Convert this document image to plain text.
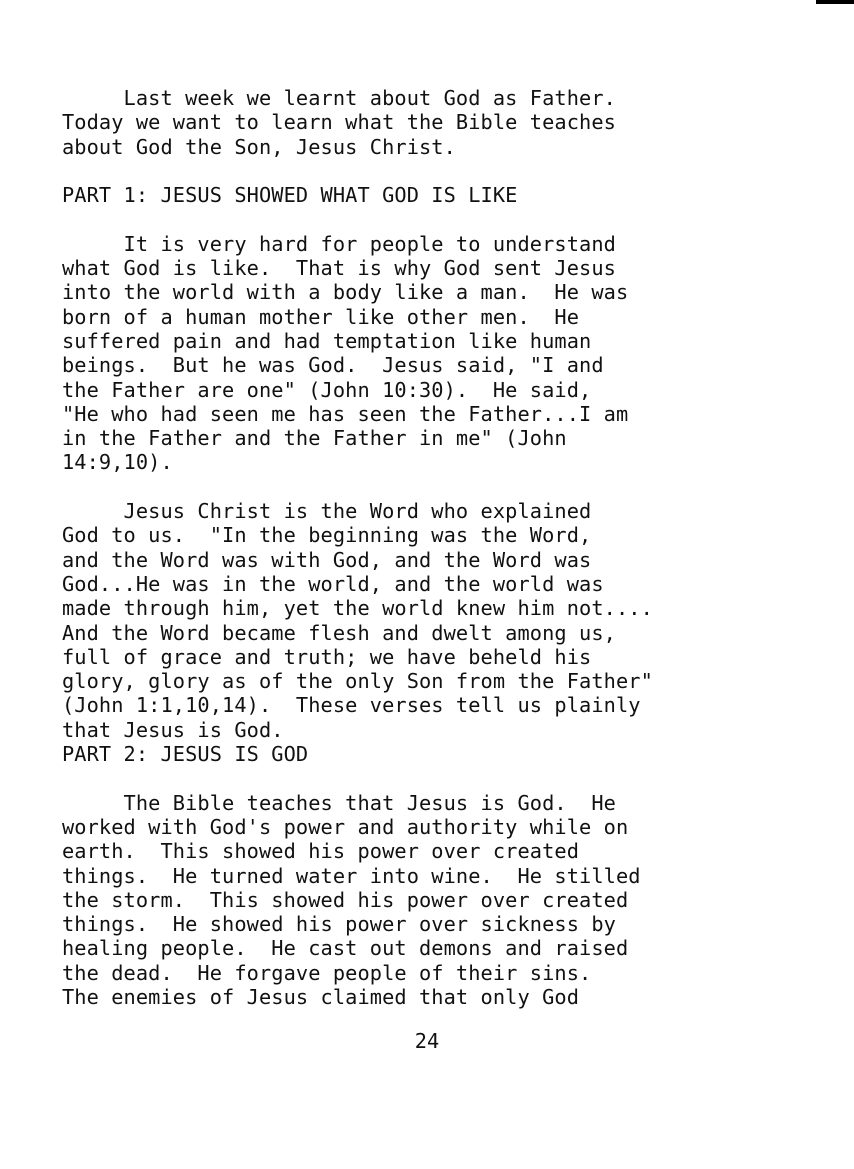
Last week we learnt about God as Father.
Today we want to learn what the Bible teaches
about God the Son, Jesus Christ.

PART 1: JESUS SHOWED WHAT GOD IS LIKE

It is very hard for people to understand
what God is like.  That is why God sent Jesus
into the world with a body like a man.  He was
born of a human mother like other men.  He
suffered pain and had temptation like human
beings.  But he was God.  Jesus said, "I and
the Father are one" (John 10:30).  He said,
"He who had seen me has seen the Father...I am
in the Father and the Father in me" (John
14:9,10).

Jesus Christ is the Word who explained
God to us.  "In the beginning was the Word,
and the Word was with God, and the Word was
God...He was in the world, and the world was
made through him, yet the world knew him not....
And the Word became flesh and dwelt among us,
full of grace and truth; we have beheld his
glory, glory as of the only Son from the Father"
(John 1:1,10,14).  These verses tell us plainly
that Jesus is God.

PART 2: JESUS IS GOD

The Bible teaches that Jesus is God.  He
worked with God's power and authority while on
earth.  This showed his power over created
things.  He turned water into wine.  He stilled
the storm.  This showed his power over created
things.  He showed his power over sickness by
healing people.  He cast out demons and raised
the dead.  He forgave people of their sins.
The enemies of Jesus claimed that only God

24
